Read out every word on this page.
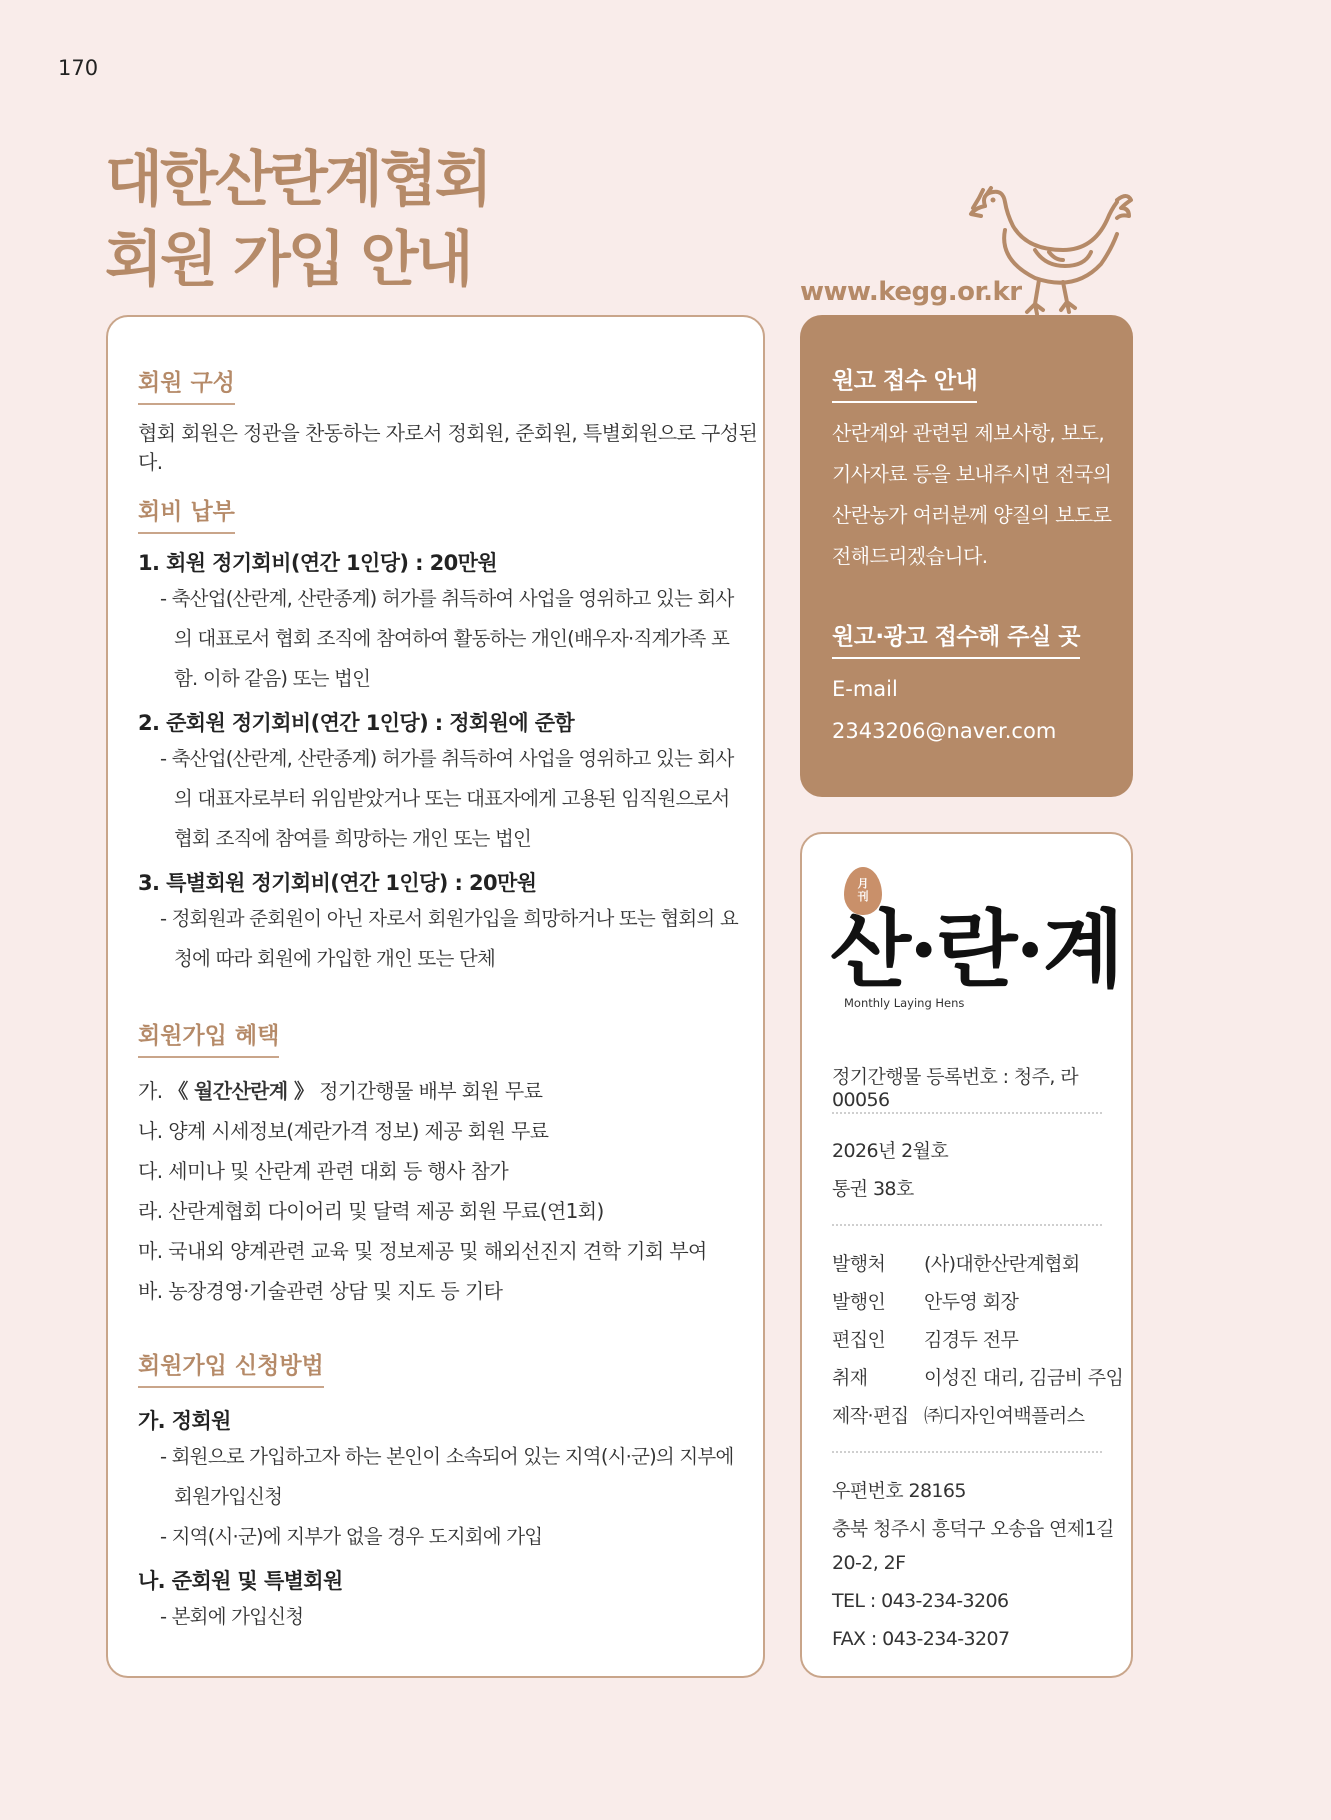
170
대한산란계협회
회원 가입 안내	www.kegg.or.kr
회원 구성
협회 회원은 정관을 찬동하는 자로서 정회원, 준회원, 특별회원으로 구성된다.
회비 납부
1. 회원 정기회비(연간 1인당) : 20만원
- 축산업(산란계, 산란종계) 허가를 취득하여 사업을 영위하고 있는 회사의 대표로서 협회 조직에 참여하여 활동하는 개인(배우자·직계가족 포함. 이하 같음) 또는 법인
2. 준회원 정기회비(연간 1인당) : 정회원에 준함
- 축산업(산란계, 산란종계) 허가를 취득하여 사업을 영위하고 있는 회사의 대표자로부터 위임받았거나 또는 대표자에게 고용된 임직원으로서 협회 조직에 참여를 희망하는 개인 또는 법인
3. 특별회원 정기회비(연간 1인당) : 20만원
- 정회원과 준회원이 아닌 자로서 회원가입을 희망하거나 또는 협회의 요청에 따라 회원에 가입한 개인 또는 단체
회원가입 혜택
가. 《 월간산란계 》 정기간행물 배부 회원 무료
나. 양계 시세정보(계란가격 정보) 제공 회원 무료
다. 세미나 및 산란계 관련 대회 등 행사 참가
라. 산란계협회 다이어리 및 달력 제공 회원 무료(연1회)
마. 국내외 양계관련 교육 및 정보제공 및 해외선진지 견학 기회 부여
바. 농장경영·기술관련 상담 및 지도 등 기타
회원가입 신청방법
가. 정회원
- 회원으로 가입하고자 하는 본인이 소속되어 있는 지역(시·군)의 지부에 회원가입신청
- 지역(시·군)에 지부가 없을 경우 도지회에 가입
나. 준회원 및 특별회원
- 본회에 가입신청
원고 접수 안내
산란계와 관련된 제보사항, 보도, 기사자료 등을 보내주시면 전국의 산란농가 여러분께 양질의 보도로 전해드리겠습니다.
원고·광고 접수해 주실 곳
E-mail
2343206@naver.com
月
刊
산·란·계
Monthly Laying Hens
정기간행물 등록번호 : 청주, 라00056
2026년 2월호
통권 38호
발행처	(사)대한산란계협회
발행인	안두영 회장
편집인	김경두 전무
취재	이성진 대리, 김금비 주임
제작·편집 ㈜디자인여백플러스
우편번호 28165
충북 청주시 흥덕구 오송읍 연제1길
20-2, 2F
TEL : 043-234-3206
FAX : 043-234-3207
